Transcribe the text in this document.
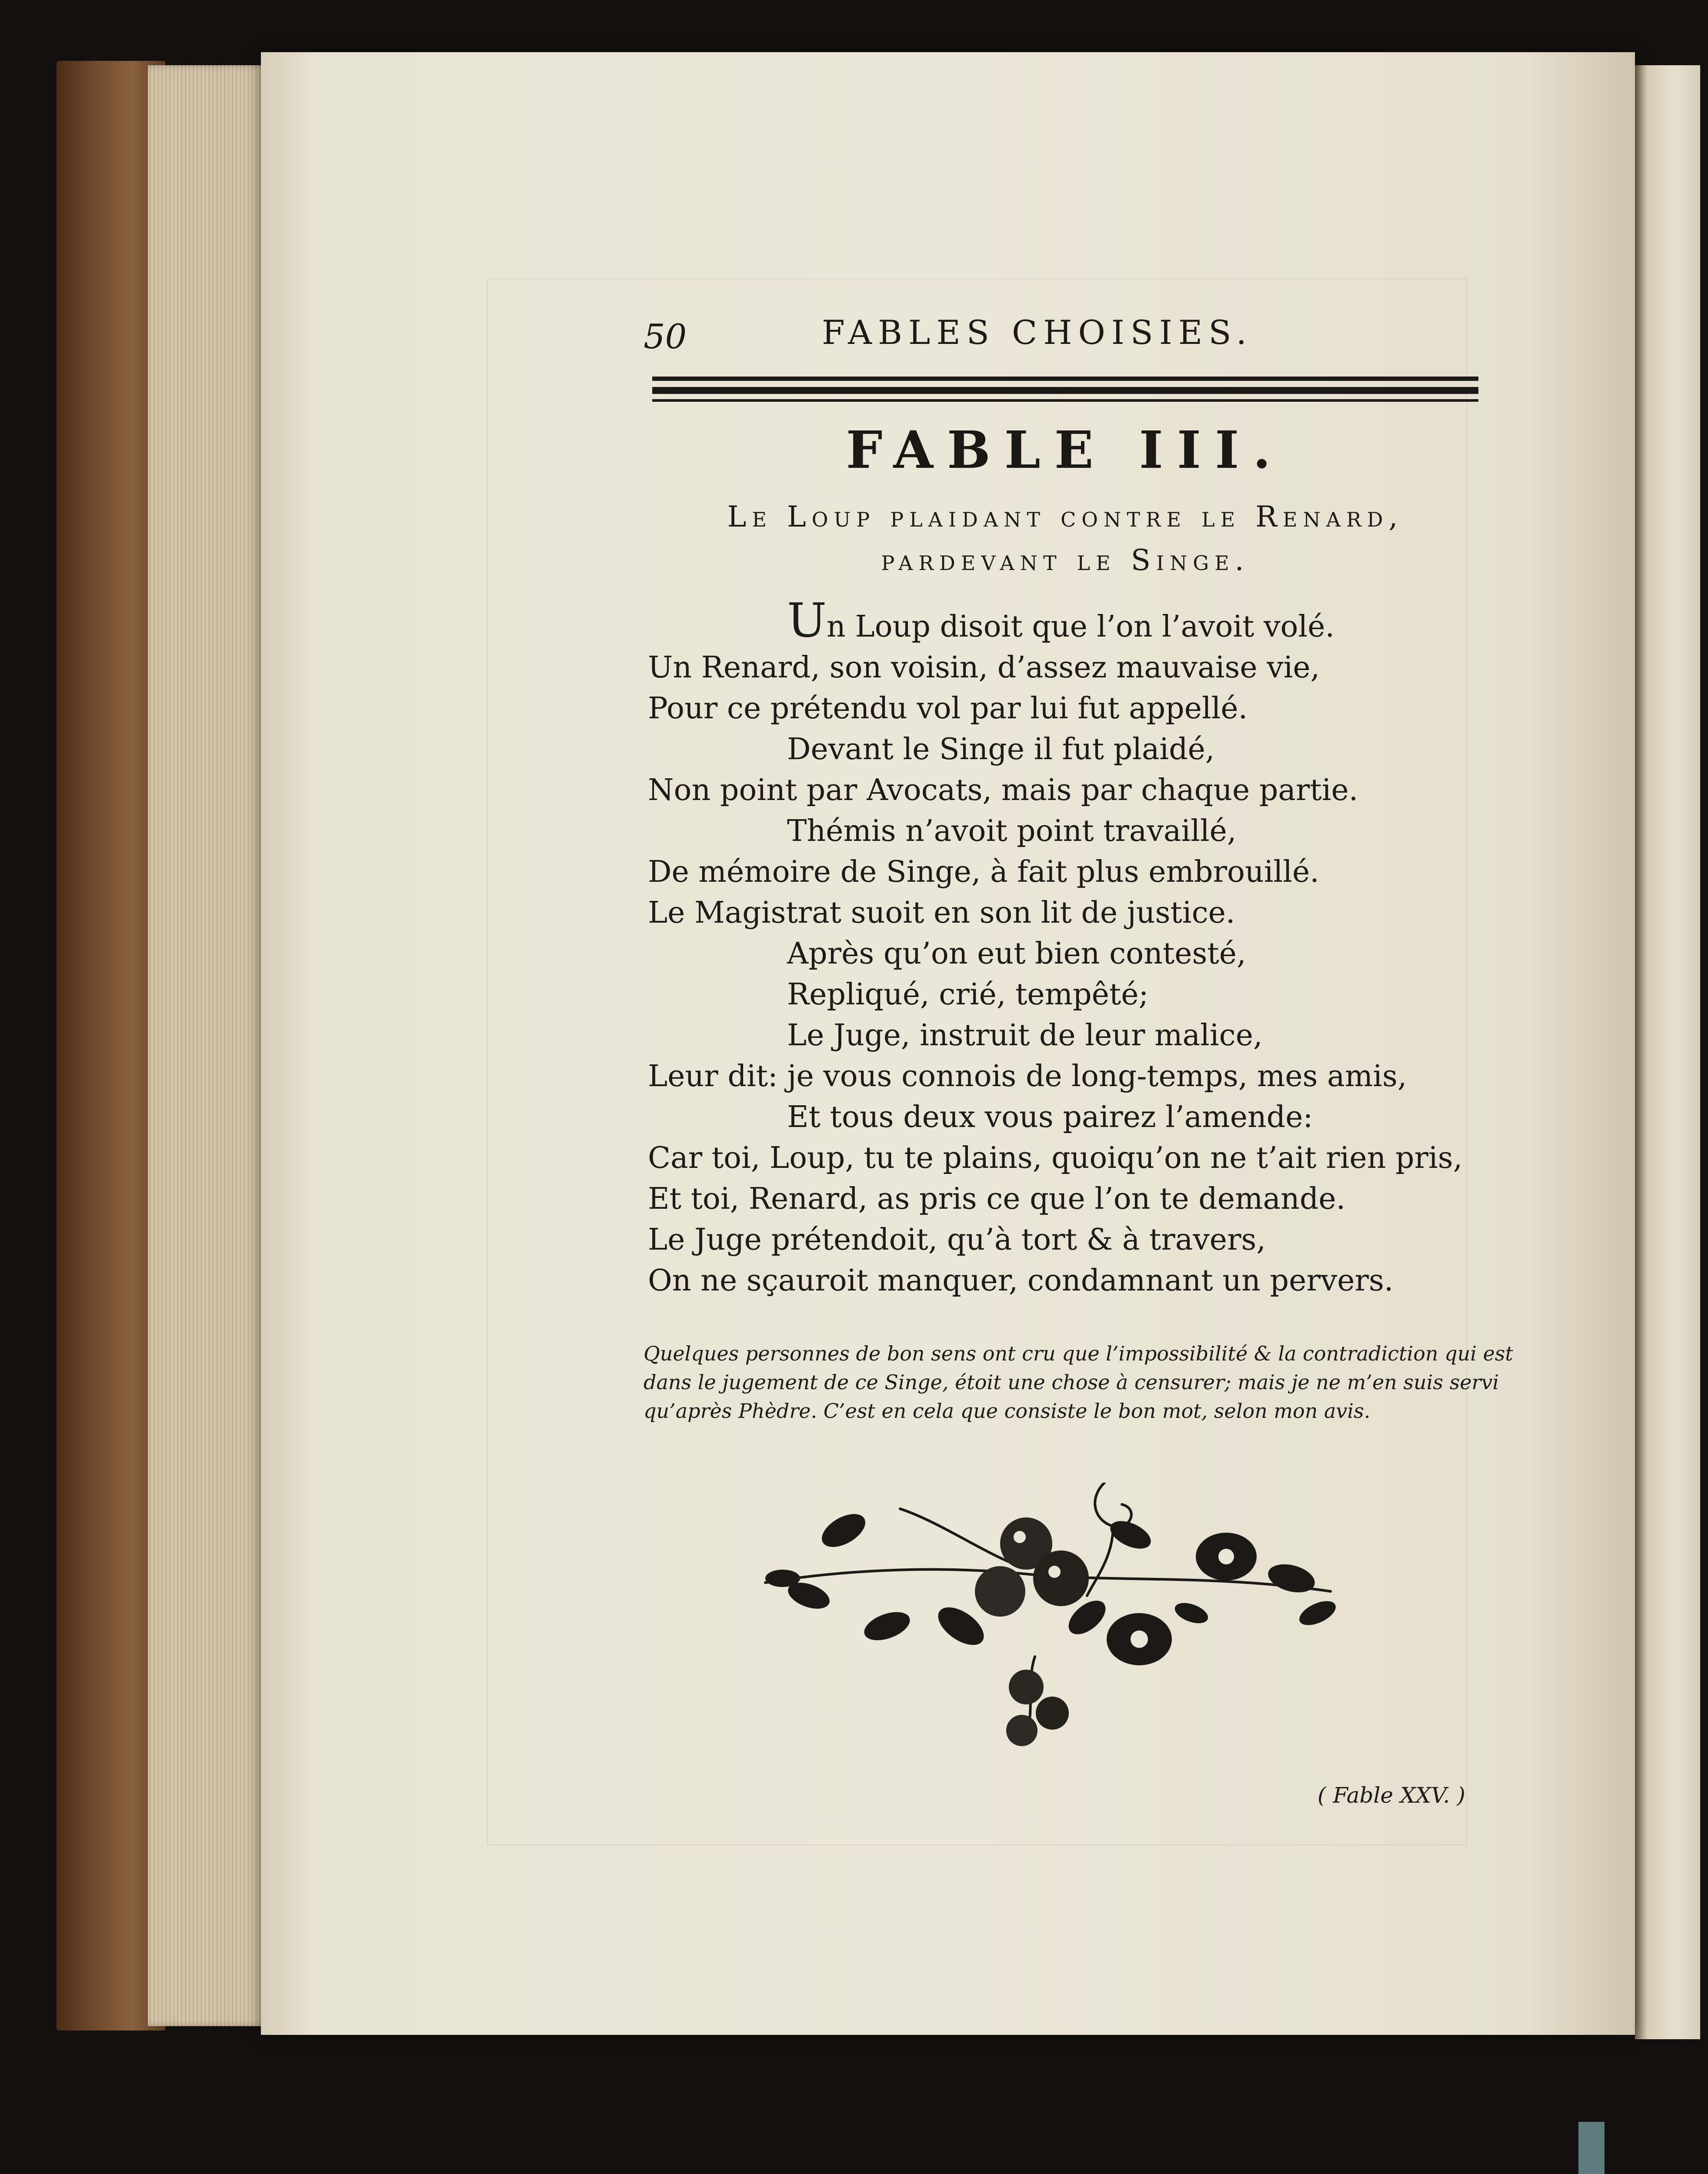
50	FABLES CHOISIES.
FABLE III.
Le Loup plaidant contre le Renard,
pardevant le Singe.
Un Loup disoit que l’on l’avoit volé.
Un Renard, son voisin, d’assez mauvaise vie,
Pour ce prétendu vol par lui fut appellé.
Devant le Singe il fut plaidé,
Non point par Avocats, mais par chaque partie.
Thémis n’avoit point travaillé,
De mémoire de Singe, à fait plus embrouillé.
Le Magistrat suoit en son lit de justice.
Après qu’on eut bien contesté,
Repliqué, crié, tempêté;
Le Juge, instruit de leur malice,
Leur dit: je vous connois de long-temps, mes amis,
Et tous deux vous pairez l’amende:
Car toi, Loup, tu te plains, quoiqu’on ne t’ait rien pris,
Et toi, Renard, as pris ce que l’on te demande.
Le Juge prétendoit, qu’à tort & à travers,
On ne sçauroit manquer, condamnant un pervers.
Quelques personnes de bon sens ont cru que l’impossibilité & la contradiction qui est
dans le jugement de ce Singe, étoit une chose à censurer; mais je ne m’en suis servi
qu’après Phèdre. C’est en cela que consiste le bon mot, selon mon avis.
( Fable XXV. )
